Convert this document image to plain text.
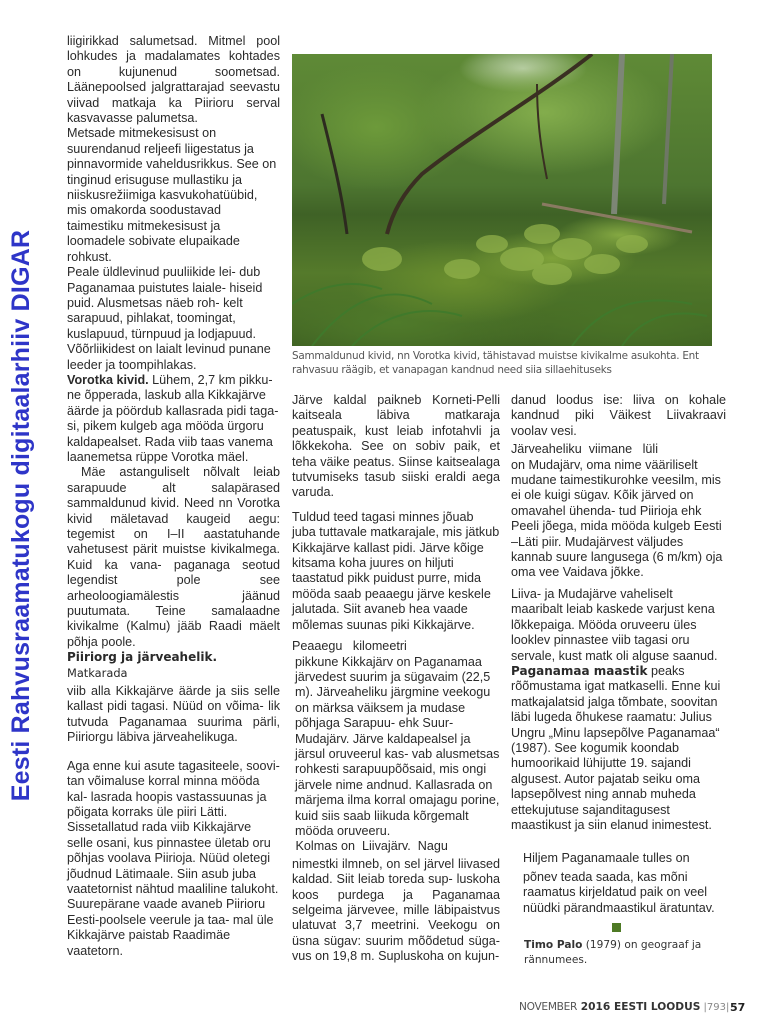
Eesti Rahvusraamatukogu digitaalarhiiv DIGAR

liigirikkad salumetsad. Mitmel pool lohkudes ja madalamates kohtades on kujunenud soometsad. Läänepoolsed jalgrattarajad seevastu viivad matkaja ka Piirioru serval kasvavasse palumetsa.

Metsade mitmekesisust on suurendanud reljeefi liigestatus ja pinnavormide vaheldusrikkus. See on tinginud erisuguse mullastiku ja niiskusrežiimiga kasvukohatüübid, mis omakorda soodustavad taimestiku mitmekesisust ja loomadele sobivate elupaikade rohkust.

Peale üldlevinud puuliikide lei- dub Paganamaa puistutes laiale- hiseid puid. Alusmetsas näeb roh- kelt sarapuud, pihlakat, toomingat, kuslapuud, türnpuud ja lodjapuud. Võõrliikidest on laialt levinud punane leeder ja toompihlakas.

Vorotka kivid. Lühem, 2,7 km pikku- ne õpperada, laskub alla Kikkajärve äärde ja pöördub kallasrada pidi taga- si, pikem kulgeb aga mööda ürgoru kaldapealset. Rada viib taas vanema laanemetsa rüppe Vorotka mäel.

Mäe astanguliselt nõlvalt leiab sarapuude alt salapärased sammaldunud kivid. Need nn Vorotka kivid mäletavad kaugeid aegu: tegemist on I–II aastatuhande vahetusest pärit muistse kivikalmega. Kuid ka vana- paganaga seotud legendist pole see arheoloogiamälestis jäänud puutumata. Teine samalaadne kivikalme (Kalmu) jääb Raadi mäelt põhja poole.

Piiriorg ja järveahelik. Matkarada

viib alla Kikkajärve äärde ja siis selle kallast pidi tagasi. Nüüd on võima- lik tutvuda Paganamaa suurima pärli, Piiriorgu läbiva järveahelikuga.

Aga enne kui asute tagasiteele, soovi- tan võimaluse korral minna mööda kal- lasrada hoopis vastassuunas ja põigata korraks üle piiri Lätti. Sissetallatud rada viib Kikkajärve selle osani, kus pinnastee ületab oru põhjas voolava Piirioja. Nüüd oletegi jõudnud Lätimaale. Siin asub juba vaatetornist nähtud maaliline talukoht. Suurepärane vaade avaneb Piirioru Eesti-poolsele veerule ja taa- mal üle Kikkajärve paistab Raadimäe vaatetorn.

Sammaldunud kivid, nn Vorotka kivid, tähistavad muistse kivikalme asukohta. Ent rahvasuu räägib, et vanapagan kandnud need siia sillaehituseks

Järve kaldal paikneb Korneti-Pelli kaitseala läbiva matkaraja peatuspaik, kust leiab infotahvli ja lõkkekoha. See on sobiv paik, et teha väike peatus. Siinse kaitsealaga tutvumiseks tasub siiski eraldi aega varuda.

Tuldud teed tagasi minnes jõuab juba tuttavale matkarajale, mis jätkub Kikkajärve kallast pidi. Järve kõige kitsama koha juures on hiljuti taastatud pikk puidust purre, mida mööda saab peaaegu järve keskele jalutada. Siit avaneb hea vaade mõlemas suunas piki Kikkajärve.

Peaaegu   kilomeetri

pikkune Kikkajärv on Paganamaa järvedest suurim ja sügavaim (22,5 m). Järveaheliku järgmine veekogu on märksa väiksem ja mudase põhjaga Sarapuu- ehk Suur-Mudajärv. Järve kaldapealsel ja järsul oruveerul kas- vab alusmetsas rohkesti sarapuupõõsaid, mis ongi järvele nime andnud. Kallasrada on märjema ilma korral omajagu porine, kuid siis saab liikuda kõrgemalt mööda oruveeru.

Kolmas on  Liivajärv.  Nagu

nimestki ilmneb, on sel järvel liivased kaldad. Siit leiab toreda sup- luskoha koos purdega ja Paganamaa selgeima järvevee, mille läbipaistvus ulatuvat 3,7 meetrini. Veekogu on üsna sügav: suurim mõõdetud süga- vus on 19,8 m. Supluskoha on kujun-

danud loodus ise: liiva on kohale kandnud piki Väikest Liivakraavi voolav vesi.

Järveaheliku  viimane   lüli

on Mudajärv, oma nime vääriliselt mudane taimestikurohke veesilm, mis ei ole kuigi sügav. Kõik järved on omavahel ühenda- tud Piirioja ehk Peeli jõega, mida mööda kulgeb Eesti –Läti piir. Mudajärvest väljudes kannab suure langusega (6 m/km) oja oma vee Vaidava jõkke.

Liiva- ja Mudajärve vaheliselt maaribalt leiab kaskede varjust kena lõkkepaiga. Mööda oruveeru üles looklev pinnastee viib tagasi oru servale, kust matk oli alguse saanud.

Paganamaa maastik peaks rõõmustama igat matkaselli. Enne kui matkajalatsid jalga tõmbate, soovitan läbi lugeda õhukese raamatu: Julius Ungru „Minu lapsepõlve Paganamaa“ (1987). See kogumik koondab humoorikaid lühijutte 19. sajandi algusest. Autor pajatab seiku oma lapsepõlvest ning annab muheda ettekujutuse sajanditagusest maastikust ja siin elanud inimestest.

Hiljem Paganamaale tulles on

põnev teada saada, kas mõni raamatus kirjeldatud paik on veel nüüdki pärandmaastikul äratuntav.

Timo Palo (1979) on geograaf ja rännumees.
NOVEMBER 2016 EESTI LOODUS |793| 57
